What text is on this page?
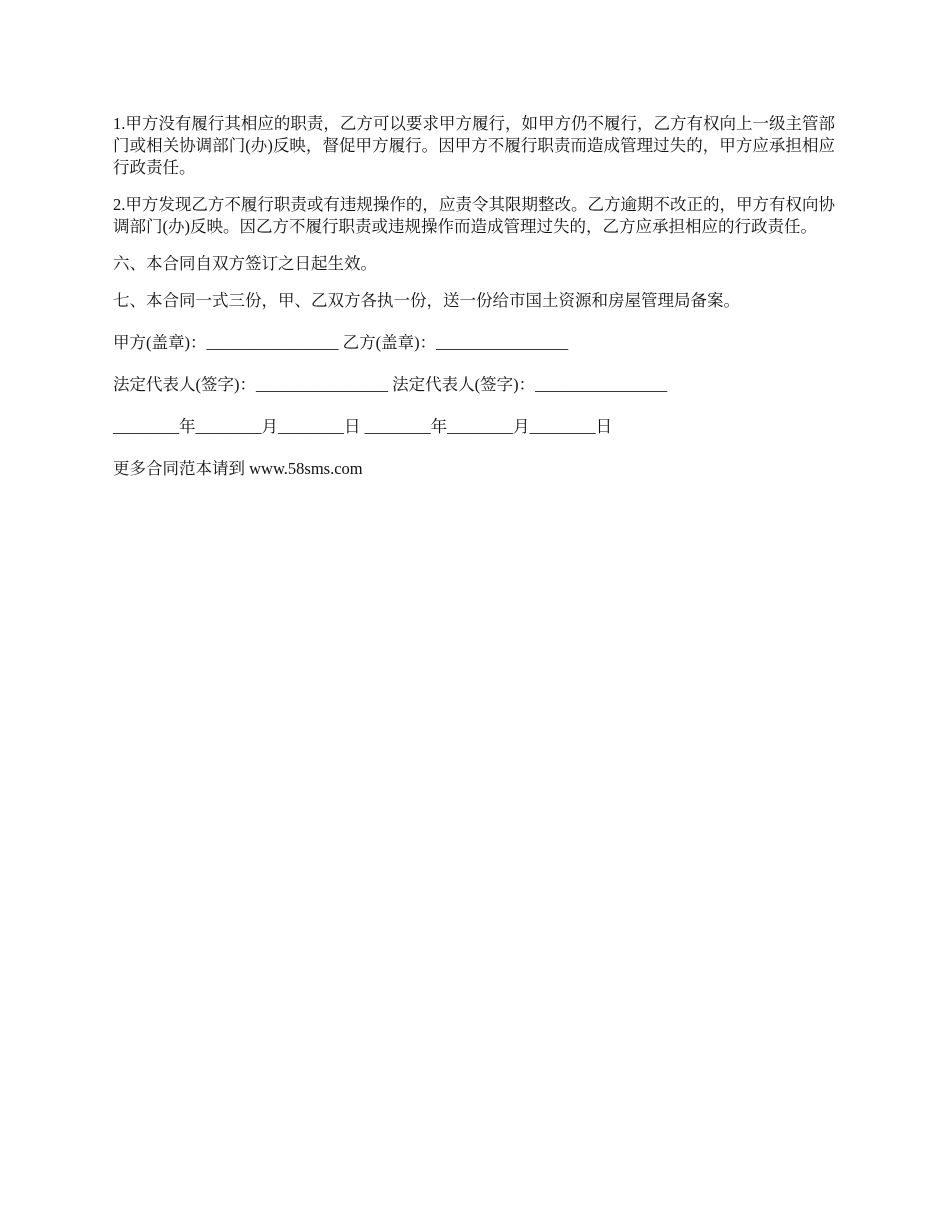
1.甲方没有履行其相应的职责，乙方可以要求甲方履行，如甲方仍不履行，乙方有权向上一级主管部门或相关协调部门(办)反映，督促甲方履行。因甲方不履行职责而造成管理过失的，甲方应承担相应行政责任。

2.甲方发现乙方不履行职责或有违规操作的，应责令其限期整改。乙方逾期不改正的，甲方有权向协调部门(办)反映。因乙方不履行职责或违规操作而造成管理过失的，乙方应承担相应的行政责任。

六、本合同自双方签订之日起生效。

七、本合同一式三份，甲、乙双方各执一份，送一份给市国土资源和房屋管理局备案。

甲方(盖章)：________________ 乙方(盖章)：________________

法定代表人(签字)：________________ 法定代表人(签字)：________________

________年________月________日 ________年________月________日

更多合同范本请到 www.58sms.com
